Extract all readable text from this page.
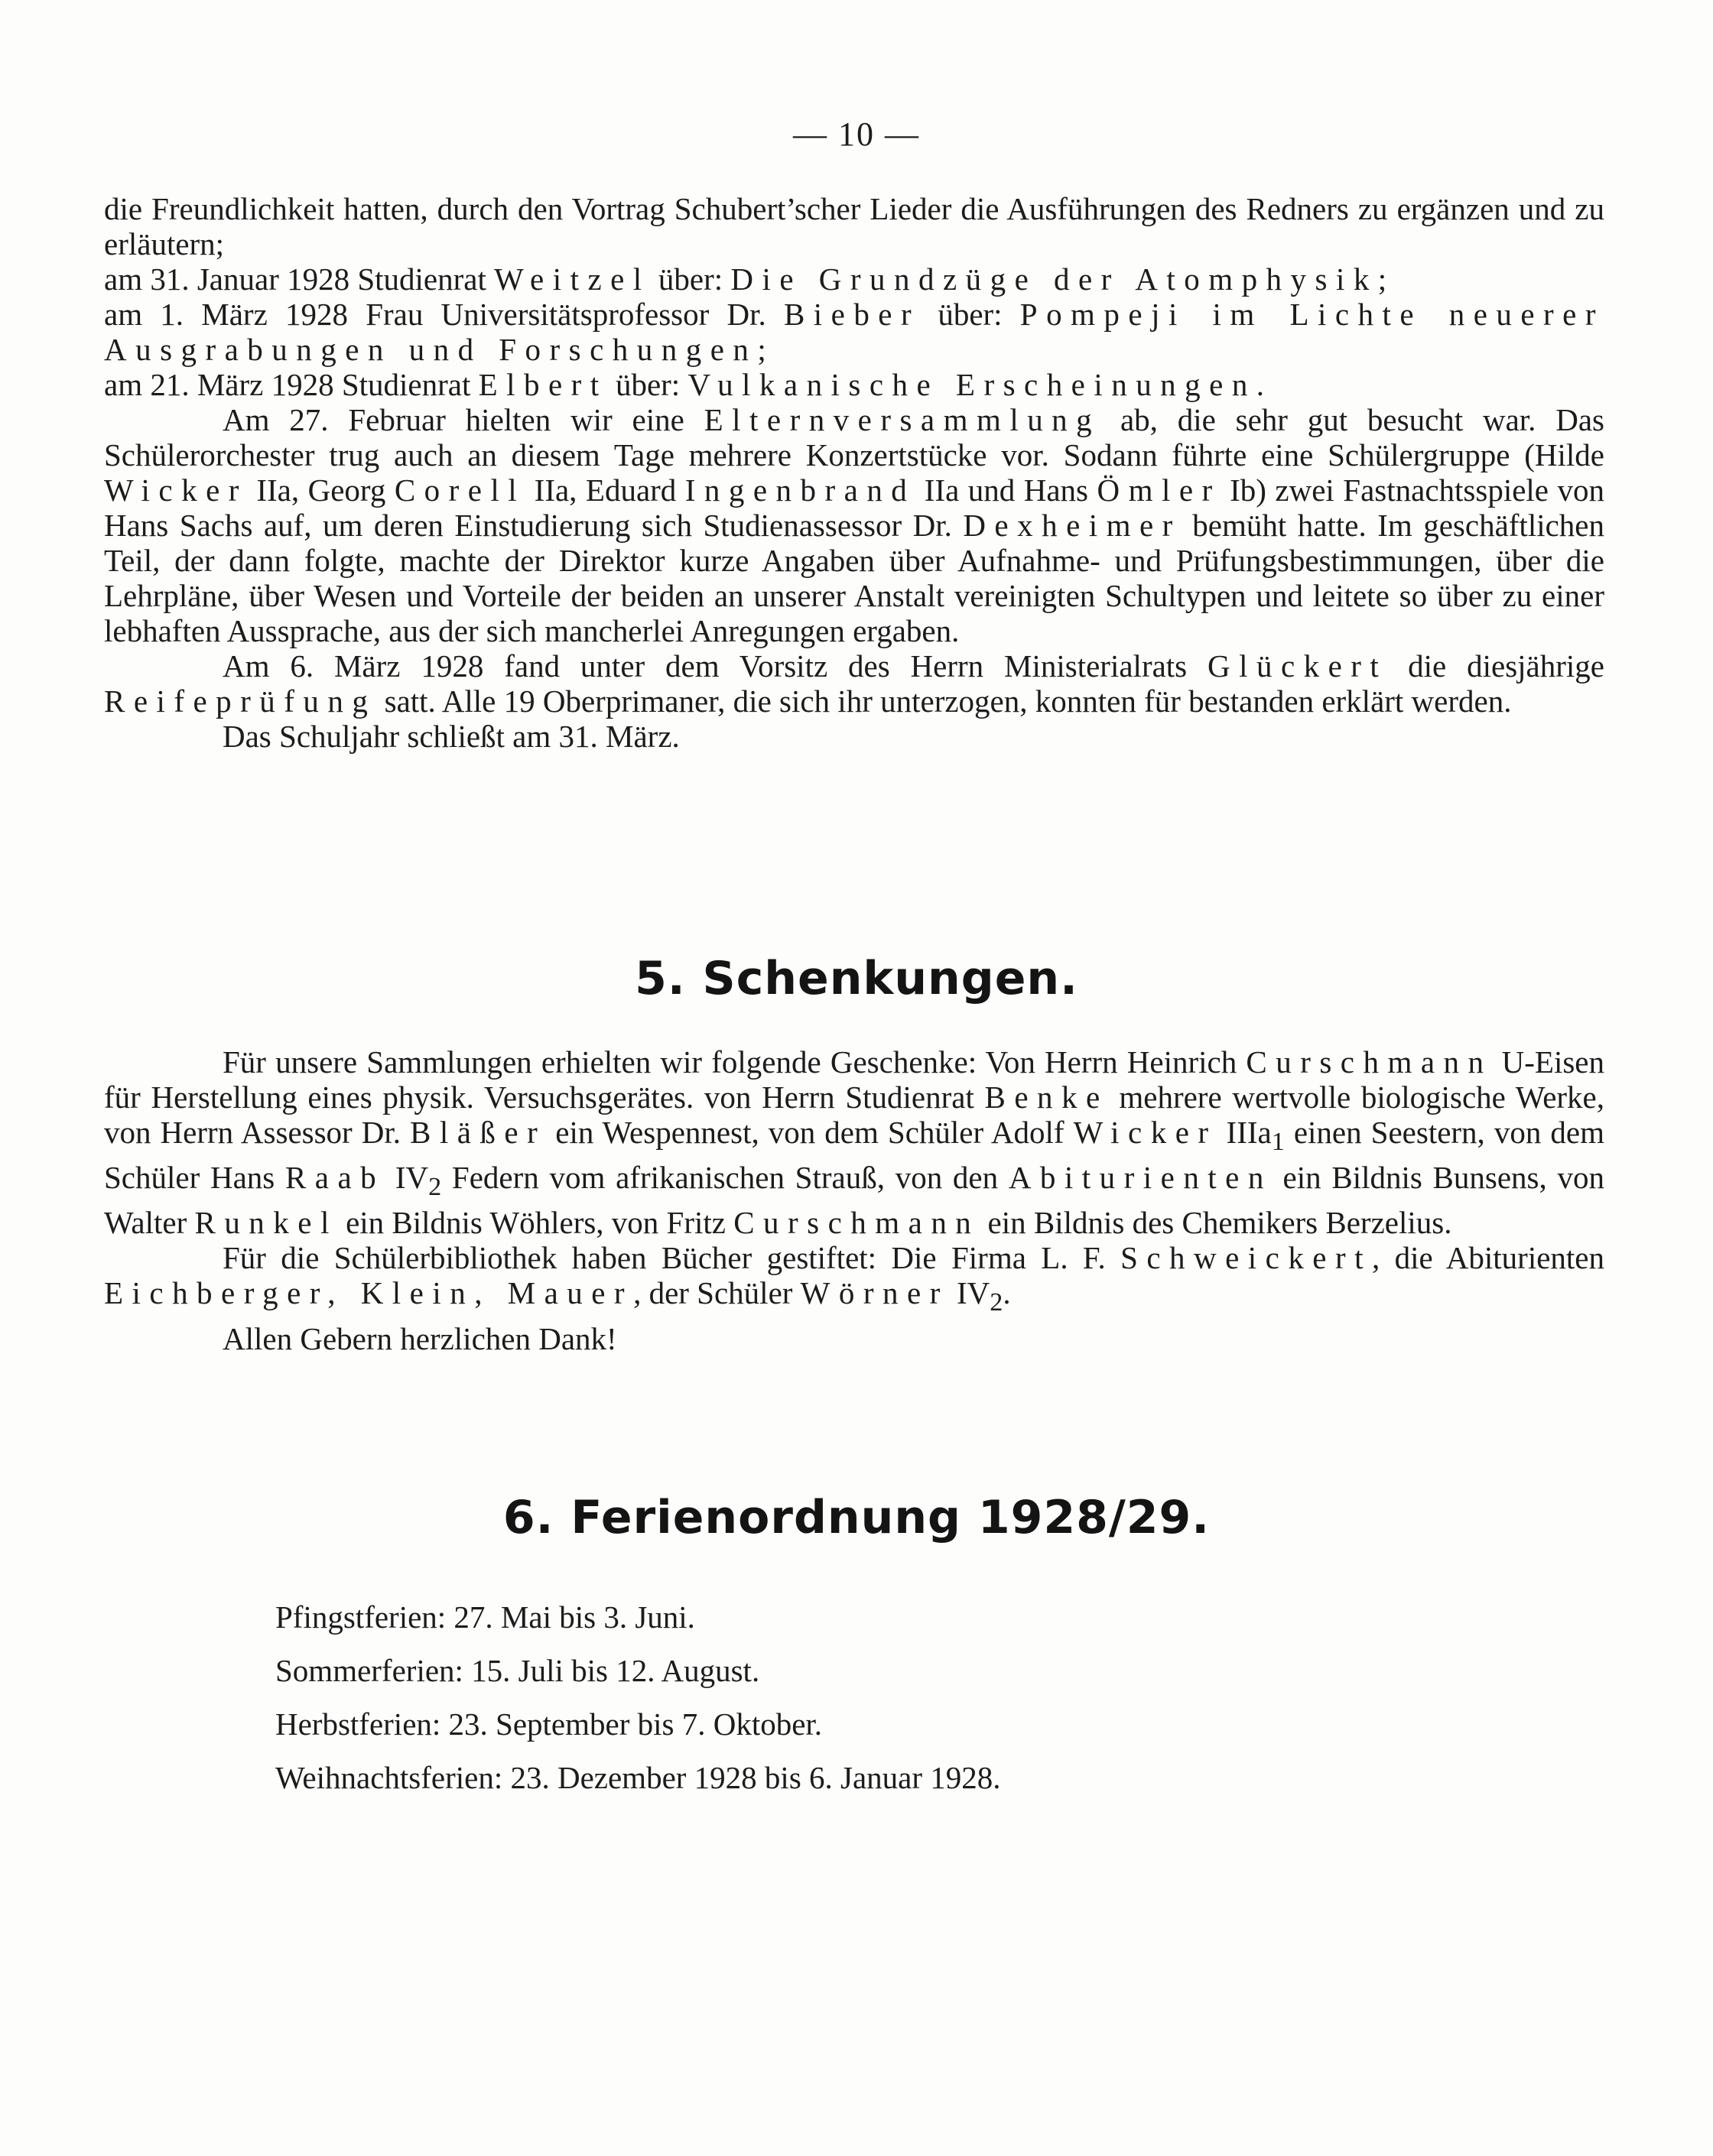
— 10 —

die Freundlichkeit hatten, durch den Vortrag Schubert’scher Lieder die Ausführungen des Redners zu ergänzen und zu erläutern;

am 31. Januar 1928 Studienrat Weitzel über: Die Grundzüge der Atomphysik;

am 1. März 1928 Frau Universitätsprofessor Dr. Bieber über: Pompeji im Lichte neuerer Ausgrabungen und Forschungen;

am 21. März 1928 Studienrat Elbert über: Vulkanische Erscheinungen.

Am 27. Februar hielten wir eine Elternversammlung ab, die sehr gut besucht war. Das Schülerorchester trug auch an diesem Tage mehrere Konzertstücke vor. Sodann führte eine Schülergruppe (Hilde Wicker IIa, Georg Corell IIa, Eduard Ingenbrand IIa und Hans Ömler Ib) zwei Fastnachtsspiele von Hans Sachs auf, um deren Einstudierung sich Studienassessor Dr. Dexheimer bemüht hatte. Im geschäftlichen Teil, der dann folgte, machte der Direktor kurze Angaben über Aufnahme- und Prüfungsbestimmungen, über die Lehrpläne, über Wesen und Vorteile der beiden an unserer Anstalt vereinigten Schultypen und leitete so über zu einer lebhaften Aussprache, aus der sich mancherlei Anregungen ergaben.

Am 6. März 1928 fand unter dem Vorsitz des Herrn Ministerialrats Glückert die diesjährige Reifeprüfung satt. Alle 19 Oberprimaner, die sich ihr unterzogen, konnten für bestanden erklärt werden.

Das Schuljahr schließt am 31. März.

5. Schenkungen.

Für unsere Sammlungen erhielten wir folgende Geschenke: Von Herrn Heinrich Curschmann U-Eisen für Herstellung eines physik. Versuchsgerätes. von Herrn Studienrat Benke mehrere wertvolle biologische Werke, von Herrn Assessor Dr. Bläßer ein Wespennest, von dem Schüler Adolf Wicker IIIa$_1$ einen Seestern, von dem Schüler Hans Raab $IV_2$ Federn vom afrikanischen Strauß, von den Abiturienten ein Bildnis Bunsens, von Walter Runkel ein Bildnis Wöhlers, von Fritz Curschmann ein Bildnis des Chemikers Berzelius.

Für die Schülerbibliothek haben Bücher gestiftet: Die Firma L. F. Schweickert, die Abiturienten Eichberger, Klein, Mauer, der Schüler Wörner $IV_2$.

Allen Gebern herzlichen Dank!

6. Ferienordnung 1928/29.
Pfingstferien: 27. Mai bis 3. Juni.
Sommerferien: 15. Juli bis 12. August.
Herbstferien: 23. September bis 7. Oktober.
Weihnachtsferien: 23. Dezember 1928 bis 6. Januar 1928.
